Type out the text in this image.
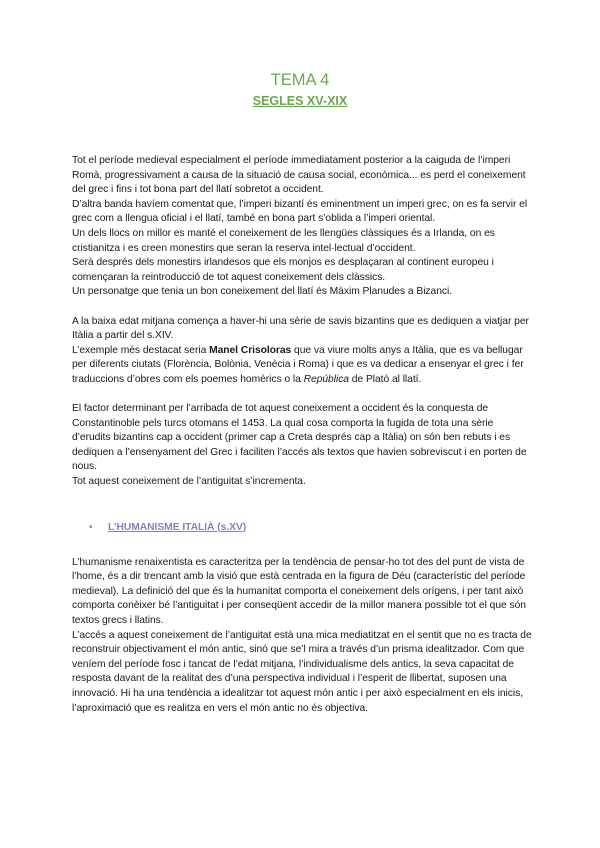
TEMA 4
SEGLES XV-XIX

Tot el període medieval especialment el període immediatament posterior a la caiguda de l’imperi Romà, progressivament a causa de la situació de causa social, econòmica... es perd el coneixement del grec i fins i tot bona part del llatí sobretot a occident.

D’altra banda havíem comentat que, l’imperi bizantí és eminentment un imperi grec, on es fa servir el grec com a llengua oficial i el llatí, també en bona part s’oblida a l’imperi oriental.

Un dels llocs on millor es manté el coneixement de les llengües clàssiques és a Irlanda, on es cristianitza i es creen monestirs que seran la reserva intel·lectual d’occident.

Serà després dels monestirs irlandesos que els monjos es desplaçaran al continent europeu i començaran la reintroducció de tot aquest coneixement dels clàssics.

Un personatge que tenia un bon coneixement del llatí és Màxim Planudes a Bizanci.

A la baixa edat mitjana comença a haver-hi una sèrie de savis bizantins que es dediquen a viatjar per Itàlia a partir del s.XIV.

L’exemple més destacat seria Manel Crisoloras que va viure molts anys a Itàlia, que es va bellugar per diferents ciutats (Florència, Bolònia, Venècia i Roma) i que es va dedicar a ensenyar el grec i fer traduccions d’obres com els poemes homèrics o la República de Plató al llatí.

El factor determinant per l’arribada de tot aquest coneixement a occident és la conquesta de Constantinoble pels turcs otomans el 1453. La qual cosa comporta la fugida de tota una sèrie d’erudits bizantins cap a occident (primer cap a Creta després cap a Itàlia) on són ben rebuts i es dediquen a l’ensenyament del Grec i faciliten l’accés als textos que havien sobreviscut i en porten de nous.

Tot aquest coneixement de l’antiguitat s’incrementa.

• L’HUMANISME ITALIÀ (s.XV)

L’humanisme renaixentista es caracteritza per la tendència de pensar-ho tot des del punt de vista de l’home, és a dir trencant amb la visió que està centrada en la figura de Déu (característic del període medieval). La definició del que és la humanitat comporta el coneixement dels orígens, i per tant això comporta conèixer bé l’antiguitat i per conseqüent accedir de la millor manera possible tot el que són textos grecs i llatins.

L’accés a aquest coneixement de l’antiguitat està una mica mediatitzat en el sentit que no es tracta de reconstruir objectivament el món antic, sinó que se’l mira a través d’un prisma idealitzador. Com que veníem del període fosc i tancat de l’edat mitjana, l’individualisme dels antics, la seva capacitat de resposta davant de la realitat des d’una perspectiva individual i l’esperit de llibertat, suposen una innovació. Hi ha una tendència a idealitzar tot aquest món antic i per això especialment en els inicis, l’aproximació que es realitza en vers el món antic no és objectiva.
